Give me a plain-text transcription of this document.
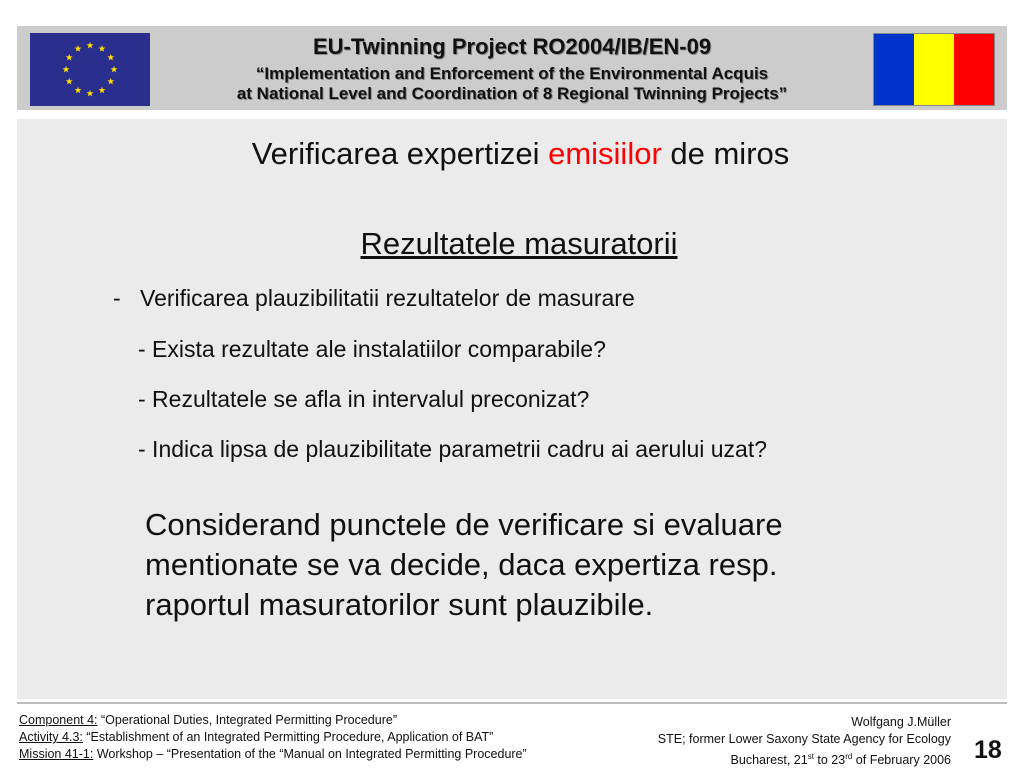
EU-Twinning Project RO2004/IB/EN-09
“Implementation and Enforcement of the Environmental Acquis
at National Level and Coordination of 8 Regional Twinning Projects”
Verificarea expertizei emisiilor de miros
Rezultatele masuratorii
- Verificarea plauzibilitatii rezultatelor de masurare
- Exista rezultate ale instalatiilor comparabile?
- Rezultatele se afla in intervalul preconizat?
- Indica lipsa de plauzibilitate parametrii cadru ai aerului uzat?
Considerand punctele de verificare si evaluare
mentionate se va decide, daca expertiza resp.
raportul masuratorilor sunt plauzibile.
Component 4: “Operational Duties, Integrated Permitting Procedure”
Activity 4.3: “Establishment of an Integrated Permitting Procedure, Application of BAT”
Mission 41-1: Workshop – “Presentation of the “Manual on Integrated Permitting Procedure”
Wolfgang J.Müller
STE; former Lower Saxony State Agency for Ecology
Bucharest, 21st to 23rd of February 2006 18
